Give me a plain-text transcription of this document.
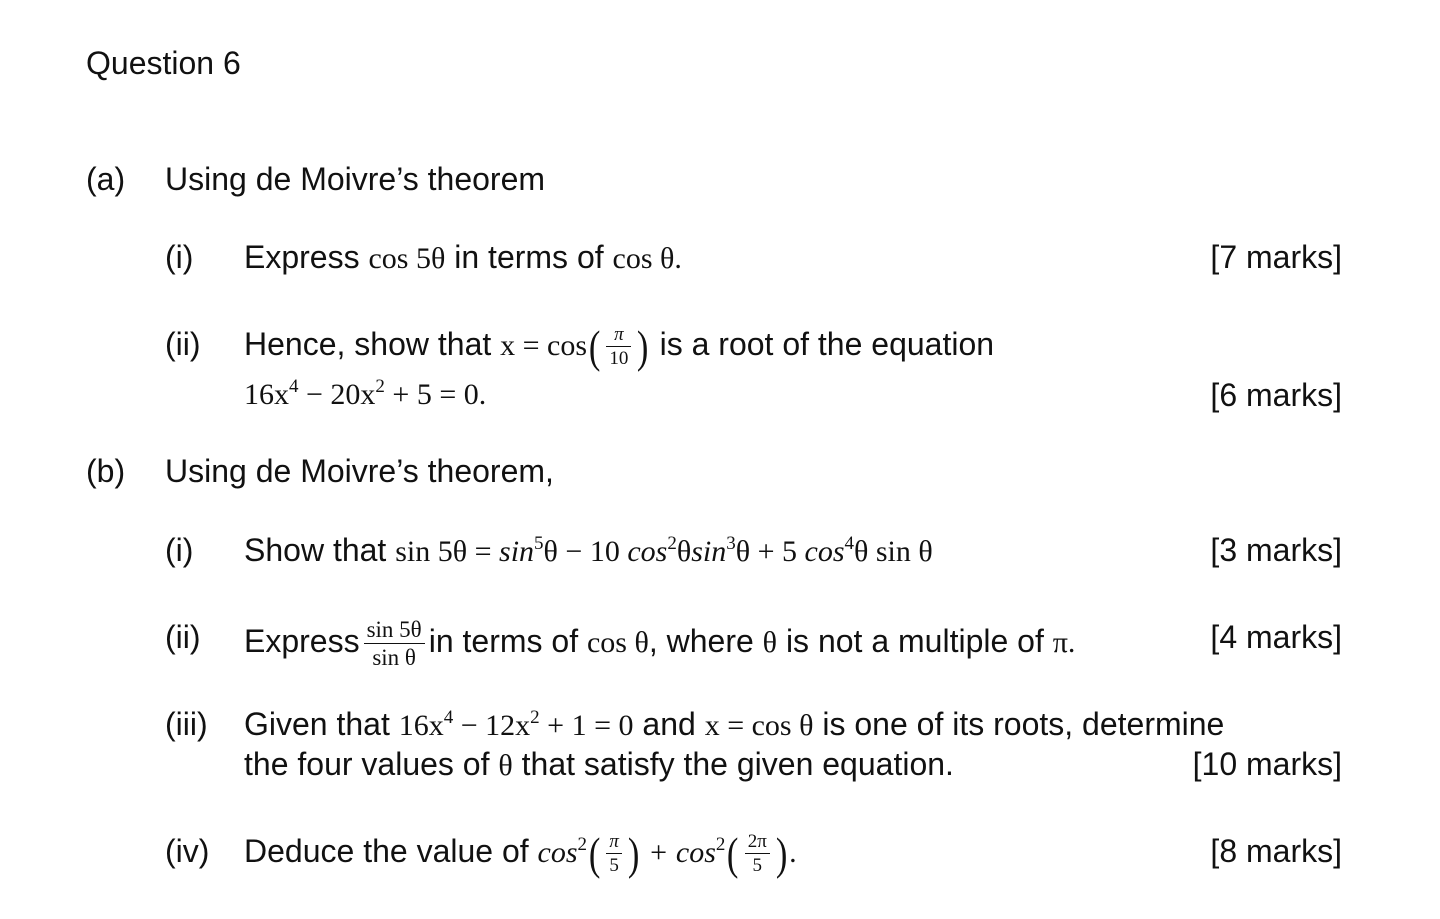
Question 6
(a) Using de Moivre’s theorem
(i) Express cos 5θ in terms of cos θ.	[7 marks]
(ii) Hence, show that $x = \cos( \frac{\pi}{10}$ ) is a root of the equation
$16x^4 - 20x^2 + 5 = 0$.	[6 marks]
(b) Using de Moivre’s theorem,
(i) Show that $\sin 5\theta = \sin^5\theta - 10$ $\cos^2\theta\sin^3\theta + 5$ $\cos^4\theta$ sin θ	[3 marks]
(ii) Express $\frac{\sin 5\theta}{\text{sin θ}}$ in terms of cos θ, where θ is not a multiple of π.	[4 marks]
(iii) Given that $16x^4 - 12x^2 + 1 = 0$ and x = cos θ is one of its roots, determine
the four values of θ that satisfy the given equation.	[10 marks]
(iv) Deduce the value of $\cos^2( \frac{\pi}{5}$ ) + $\cos^2( \frac{2\pi}{5}$ ).	[8 marks]
